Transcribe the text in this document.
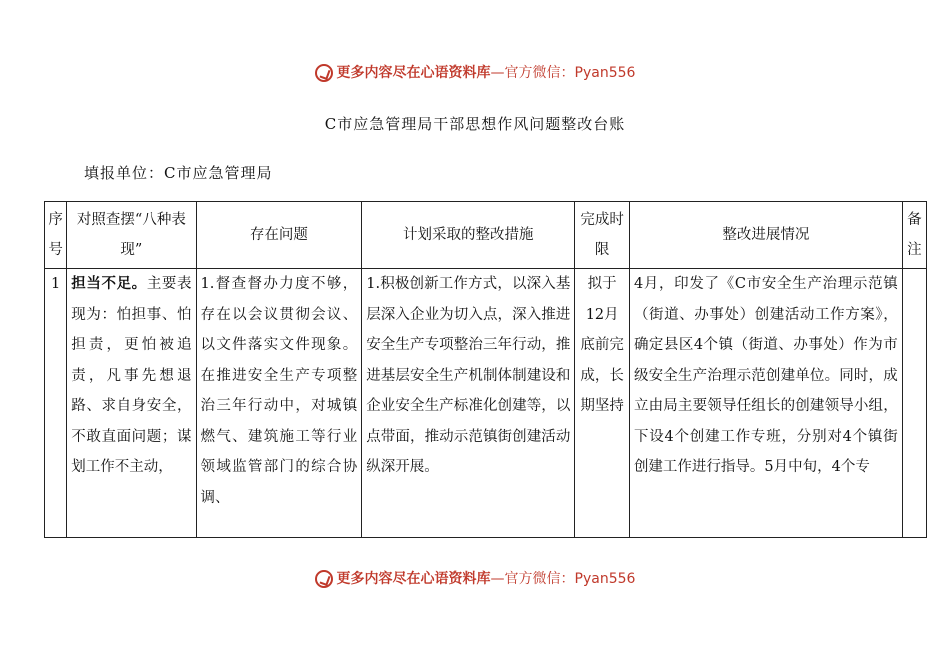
更多内容尽在心语资料库—官方微信：Pyan556
C市应急管理局干部思想作风问题整改台账
填报单位：C市应急管理局
序号	对照查摆“八种表现”	存在问题	计划采取的整改措施	完成时限	整改进展情况	备注
1	担当不足。主要表现为：怕担事、怕担责，更怕被追责，凡事先想退路、求自身安全，不敢直面问题；谋划工作不主动，	1.督查督办力度不够，存在以会议贯彻会议、以文件落实文件现象。在推进安全生产专项整治三年行动中，对城镇燃气、建筑施工等行业领域监管部门的综合协调、	1.积极创新工作方式，以深入基层深入企业为切入点，深入推进安全生产专项整治三年行动，推进基层安全生产机制体制建设和企业安全生产标准化创建等，以点带面，推动示范镇街创建活动纵深开展。	拟于12月底前完成，长期坚持	4月，印发了《C市安全生产治理示范镇（街道、办事处）创建活动工作方案》，确定县区4个镇（街道、办事处）作为市级安全生产治理示范创建单位。同时，成立由局主要领导任组长的创建领导小组，下设4个创建工作专班，分别对4个镇街创建工作进行指导。5月中旬，4个专	
更多内容尽在心语资料库—官方微信：Pyan556
